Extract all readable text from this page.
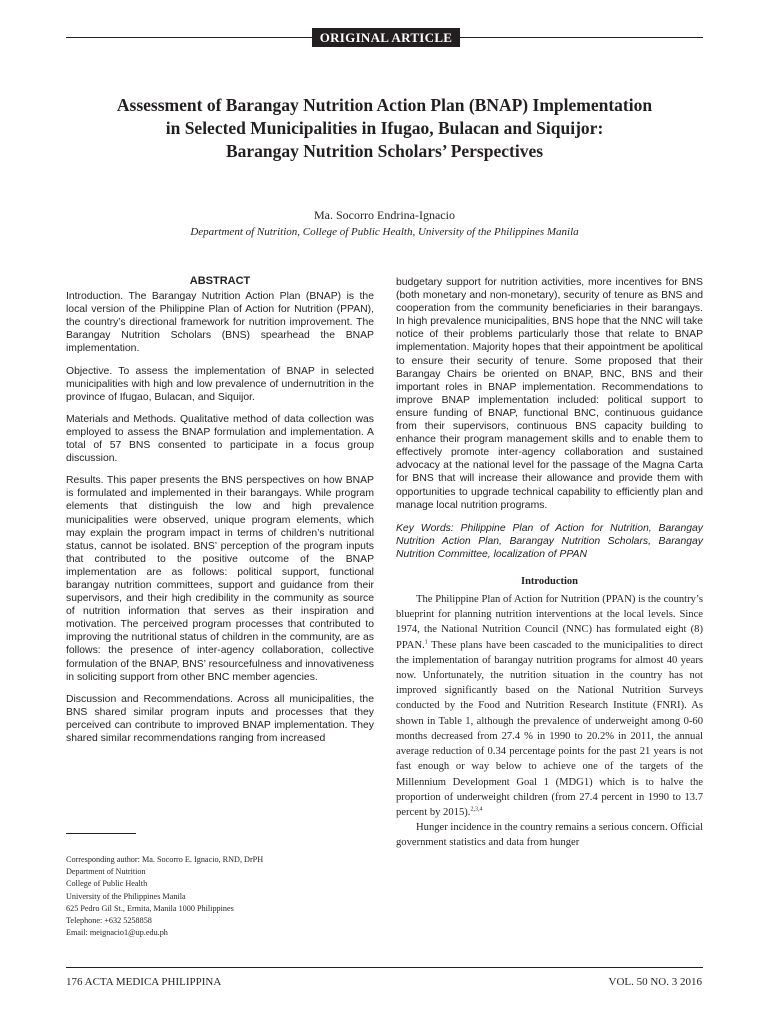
ORIGINAL ARTICLE
Assessment of Barangay Nutrition Action Plan (BNAP) Implementation
in Selected Municipalities in Ifugao, Bulacan and Siquijor:
Barangay Nutrition Scholars’ Perspectives
Ma. Socorro Endrina-Ignacio
Department of Nutrition, College of Public Health, University of the Philippines Manila
ABSTRACT

Introduction. The Barangay Nutrition Action Plan (BNAP) is the local version of the Philippine Plan of Action for Nutrition (PPAN), the country’s directional framework for nutrition improvement. The Barangay Nutrition Scholars (BNS) spearhead the BNAP implementation.

Objective. To assess the implementation of BNAP in selected municipalities with high and low prevalence of undernutrition in the province of Ifugao, Bulacan, and Siquijor.

Materials and Methods. Qualitative method of data collection was employed to assess the BNAP formulation and implementation. A total of 57 BNS consented to participate in a focus group discussion.

Results. This paper presents the BNS perspectives on how BNAP is formulated and implemented in their barangays. While program elements that distinguish the low and high prevalence municipalities were observed, unique program elements, which may explain the program impact in terms of children’s nutritional status, cannot be isolated. BNS’ perception of the program inputs that contributed to the positive outcome of the BNAP implementation are as follows: political support, functional barangay nutrition committees, support and guidance from their supervisors, and their high credibility in the community as source of nutrition information that serves as their inspiration and motivation. The perceived program processes that contributed to improving the nutritional status of children in the community, are as follows: the presence of inter-agency collaboration, collective formulation of the BNAP, BNS’ resourcefulness and innovativeness in soliciting support from other BNC member agencies.

Discussion and Recommendations. Across all municipalities, the BNS shared similar program inputs and processes that they perceived can contribute to improved BNAP implementation. They shared similar recommendations ranging from increased

Corresponding author: Ma. Socorro E. Ignacio, RND, DrPH
Department of Nutrition
College of Public Health
University of the Philippines Manila
625 Pedro Gil St., Ermita, Manila 1000 Philippines
Telephone: +632 5258858
Email: meignacio1@up.edu.ph

budgetary support for nutrition activities, more incentives for BNS (both monetary and non-monetary), security of tenure as BNS and cooperation from the community beneficiaries in their barangays. In high prevalence municipalities, BNS hope that the NNC will take notice of their problems particularly those that relate to BNAP implementation. Majority hopes that their appointment be apolitical to ensure their security of tenure. Some proposed that their Barangay Chairs be oriented on BNAP, BNC, BNS and their important roles in BNAP implementation. Recommendations to improve BNAP implementation included: political support to ensure funding of BNAP, functional BNC, continuous guidance from their supervisors, continuous BNS capacity building to enhance their program management skills and to enable them to effectively promote inter-agency collaboration and sustained advocacy at the national level for the passage of the Magna Carta for BNS that will increase their allowance and provide them with opportunities to upgrade technical capability to efficiently plan and manage local nutrition programs.

Key Words: Philippine Plan of Action for Nutrition, Barangay Nutrition Action Plan, Barangay Nutrition Scholars, Barangay Nutrition Committee, localization of PPAN

Introduction

The Philippine Plan of Action for Nutrition (PPAN) is the country’s blueprint for planning nutrition interventions at the local levels. Since 1974, the National Nutrition Council (NNC) has formulated eight (8) PPAN.$^1$ These plans have been cascaded to the municipalities to direct the implementation of barangay nutrition programs for almost 40 years now. Unfortunately, the nutrition situation in the country has not improved significantly based on the National Nutrition Surveys conducted by the Food and Nutrition Research Institute (FNRI). As shown in Table 1, although the prevalence of underweight among 0-60 months decreased from 27.4 % in 1990 to 20.2% in 2011, the annual average reduction of 0.34 percentage points for the past 21 years is not fast enough or way below to achieve one of the targets of the Millennium Development Goal 1 (MDG1) which is to halve the proportion of underweight children (from 27.4 percent in 1990 to 13.7 percent by 2015).$^{2,3,4}$

Hunger incidence in the country remains a serious concern. Official government statistics and data from hunger

176 ACTA MEDICA PHILIPPINA	VOL. 50 NO. 3 2016
